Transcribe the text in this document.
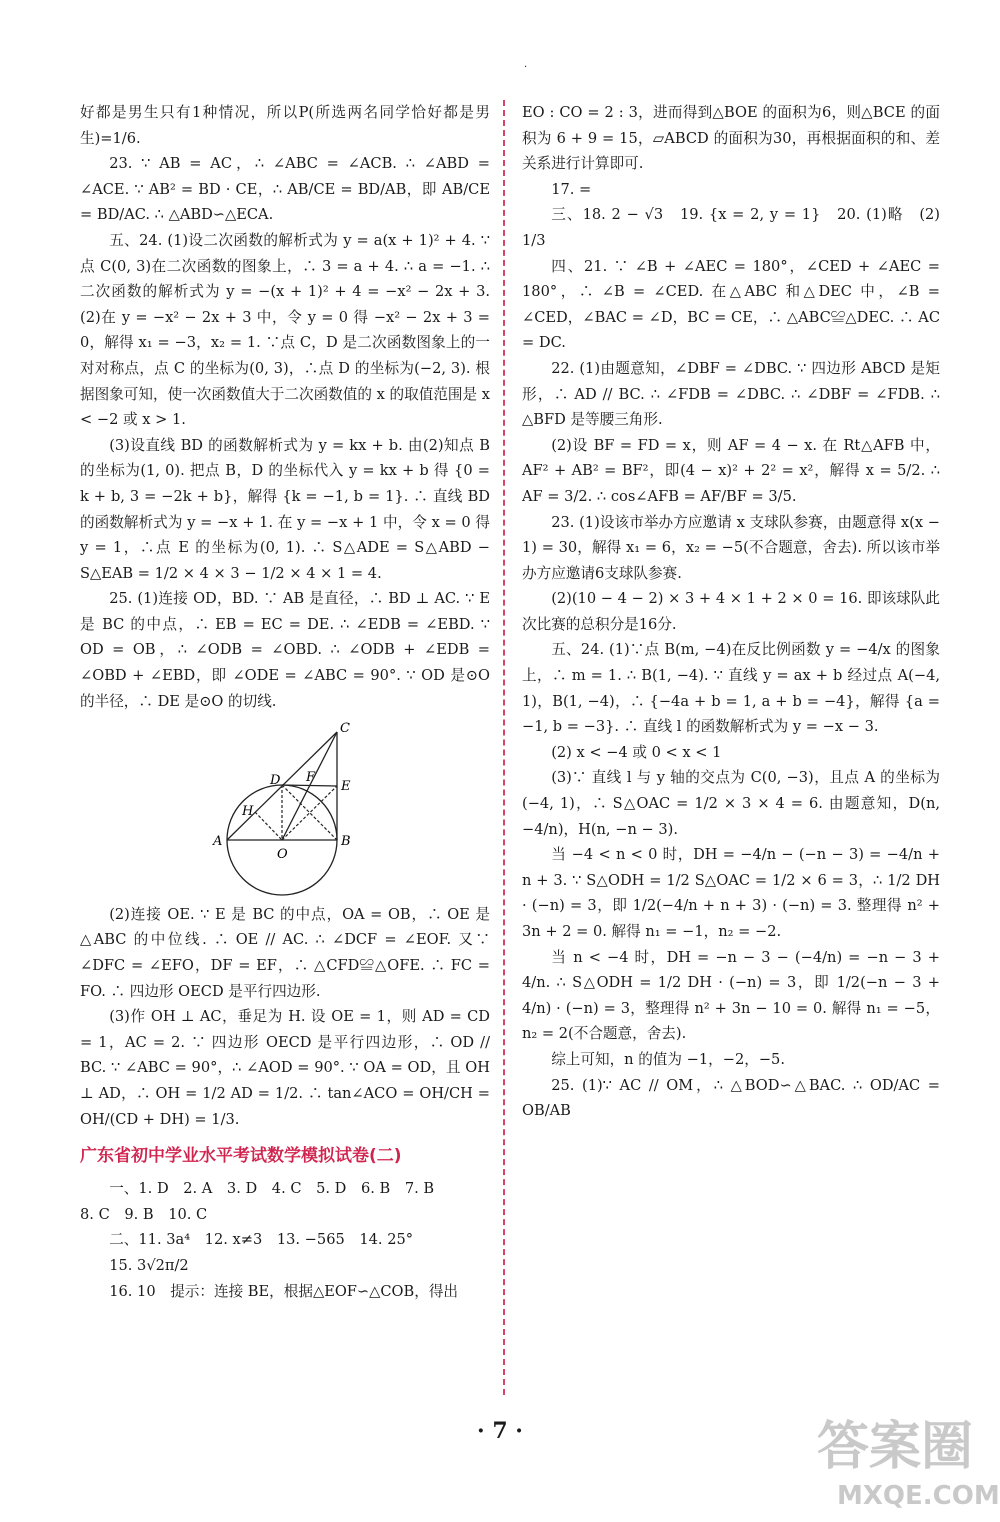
·

好都是男生只有1种情况，所以P(所选两名同学恰好都是男生)=1/6.

23. ∵ AB = AC，∴ ∠ABC = ∠ACB. ∴ ∠ABD = ∠ACE. ∵ AB² = BD · CE，∴ AB/CE = BD/AB，即 AB/CE = BD/AC. ∴ △ABD∽△ECA.

五、24. (1)设二次函数的解析式为 y = a(x + 1)² + 4. ∵点 C(0, 3)在二次函数的图象上，∴ 3 = a + 4. ∴ a = −1. ∴ 二次函数的解析式为 y = −(x + 1)² + 4 = −x² − 2x + 3.　(2)在 y = −x² − 2x + 3 中，令 y = 0 得 −x² − 2x + 3 = 0，解得 x₁ = −3，x₂ = 1. ∵点 C，D 是二次函数图象上的一对对称点，点 C 的坐标为(0, 3)，∴点 D 的坐标为(−2, 3). 根据图象可知，使一次函数值大于二次函数值的 x 的取值范围是 x < −2 或 x > 1.

(3)设直线 BD 的函数解析式为 y = kx + b. 由(2)知点 B 的坐标为(1, 0). 把点 B，D 的坐标代入 y = kx + b 得 {0 = k + b, 3 = −2k + b}，解得 {k = −1, b = 1}. ∴ 直线 BD 的函数解析式为 y = −x + 1. 在 y = −x + 1 中，令 x = 0 得 y = 1，∴点 E 的坐标为(0, 1). ∴ S△ADE = S△ABD − S△EAB = 1/2 × 4 × 3 − 1/2 × 4 × 1 = 4.

25. (1)连接 OD，BD. ∵ AB 是直径，∴ BD ⊥ AC. ∵ E 是 BC 的中点，∴ EB = EC = DE. ∴ ∠EDB = ∠EBD. ∵ OD = OB，∴ ∠ODB = ∠OBD. ∴ ∠ODB + ∠EDB = ∠OBD + ∠EBD，即 ∠ODE = ∠ABC = 90°. ∵ OD 是⊙O 的半径，∴ DE 是⊙O 的切线.

C
D F
E
H
A
O
B

(2)连接 OE. ∵ E 是 BC 的中点，OA = OB，∴ OE 是△ABC 的中位线. ∴ OE // AC. ∴ ∠DCF = ∠EOF. 又∵ ∠DFC = ∠EFO，DF = EF，∴ △CFD≌△OFE. ∴ FC = FO. ∴ 四边形 OECD 是平行四边形.

(3)作 OH ⊥ AC，垂足为 H. 设 OE = 1，则 AD = CD = 1，AC = 2. ∵ 四边形 OECD 是平行四边形，∴ OD // BC. ∵ ∠ABC = 90°，∴ ∠AOD = 90°. ∵ OA = OD，且 OH ⊥ AD，∴ OH = 1/2 AD = 1/2. ∴ tan∠ACO = OH/CH = OH/(CD + DH) = 1/3.

广东省初中学业水平考试数学模拟试卷(二)

一、1. D　2. A　3. D　4. C　5. D　6. B　7. B

8. C　9. B　10. C

二、11. 3a⁴　12. x≠3　13. −565　14. 25°

15. 3√2π/2

16. 10　提示：连接 BE，根据△EOF∽△COB，得出

EO : CO = 2 : 3，进而得到△BOE 的面积为6，则△BCE 的面积为 6 + 9 = 15，▱ABCD 的面积为30，再根据面积的和、差关系进行计算即可.

17. =

三、18. 2 − √3　19. {x = 2, y = 1}　20. (1)略　(2) 1/3

四、21. ∵ ∠B + ∠AEC = 180°，∠CED + ∠AEC = 180°，∴ ∠B = ∠CED. 在△ABC 和△DEC 中，∠B = ∠CED，∠BAC = ∠D，BC = CE，∴ △ABC≌△DEC. ∴ AC = DC.

22. (1)由题意知，∠DBF = ∠DBC. ∵ 四边形 ABCD 是矩形，∴ AD // BC. ∴ ∠FDB = ∠DBC. ∴ ∠DBF = ∠FDB. ∴ △BFD 是等腰三角形.

(2)设 BF = FD = x，则 AF = 4 − x. 在 Rt△AFB 中，AF² + AB² = BF²，即(4 − x)² + 2² = x²，解得 x = 5/2. ∴ AF = 3/2. ∴ cos∠AFB = AF/BF = 3/5.

23. (1)设该市举办方应邀请 x 支球队参赛，由题意得 x(x − 1) = 30，解得 x₁ = 6，x₂ = −5(不合题意，舍去). 所以该市举办方应邀请6支球队参赛.

(2)(10 − 4 − 2) × 3 + 4 × 1 + 2 × 0 = 16. 即该球队此次比赛的总积分是16分.

五、24. (1)∵点 B(m, −4)在反比例函数 y = −4/x 的图象上，∴ m = 1. ∴ B(1, −4). ∵ 直线 y = ax + b 经过点 A(−4, 1)，B(1, −4)，∴ {−4a + b = 1, a + b = −4}，解得 {a = −1, b = −3}. ∴ 直线 l 的函数解析式为 y = −x − 3.

(2) x < −4 或 0 < x < 1

(3)∵ 直线 l 与 y 轴的交点为 C(0, −3)，且点 A 的坐标为(−4, 1)，∴ S△OAC = 1/2 × 3 × 4 = 6. 由题意知，D(n, −4/n)，H(n, −n − 3).

当 −4 < n < 0 时，DH = −4/n − (−n − 3) = −4/n + n + 3. ∵ S△ODH = 1/2 S△OAC = 1/2 × 6 = 3，∴ 1/2 DH · (−n) = 3，即 1/2(−4/n + n + 3) · (−n) = 3. 整理得 n² + 3n + 2 = 0. 解得 n₁ = −1，n₂ = −2.

当 n < −4 时，DH = −n − 3 − (−4/n) = −n − 3 + 4/n. ∴ S△ODH = 1/2 DH · (−n) = 3，即 1/2(−n − 3 + 4/n) · (−n) = 3，整理得 n² + 3n − 10 = 0. 解得 n₁ = −5，n₂ = 2(不合题意，舍去).

综上可知，n 的值为 −1，−2，−5.

25. (1)∵ AC // OM，∴ △BOD∽△BAC. ∴ OD/AC = OB/AB

· 7 ·	答案圈
MXQE.COM
